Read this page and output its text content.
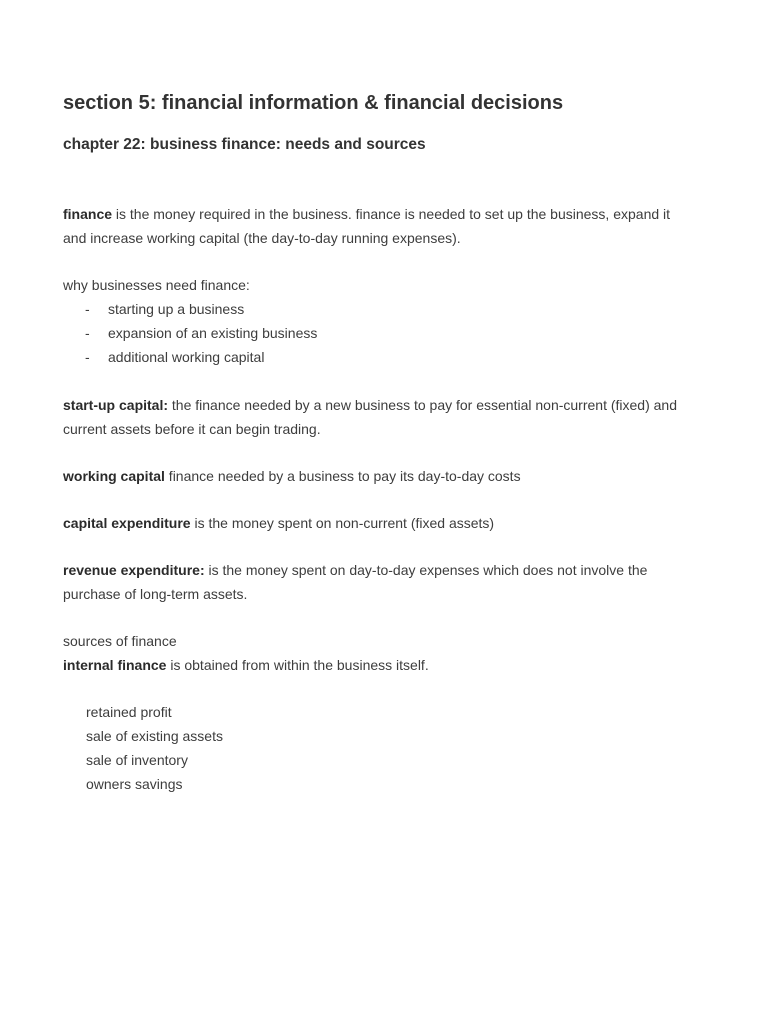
section 5: financial information & financial decisions
chapter 22: business finance: needs and sources

finance is the money required in the business. finance is needed to set up the business, expand it and increase working capital (the day-to-day running expenses).

why businesses need finance:

- starting up a business
- expansion of an existing business
- additional working capital

start-up capital: the finance needed by a new business to pay for essential non-current (fixed) and current assets before it can begin trading.

working capital finance needed by a business to pay its day-to-day costs

capital expenditure is the money spent on non-current (fixed assets)

revenue expenditure: is the money spent on day-to-day expenses which does not involve the purchase of long-term assets.

sources of finance

internal finance is obtained from within the business itself.

retained profit
sale of existing assets
sale of inventory
owners savings
